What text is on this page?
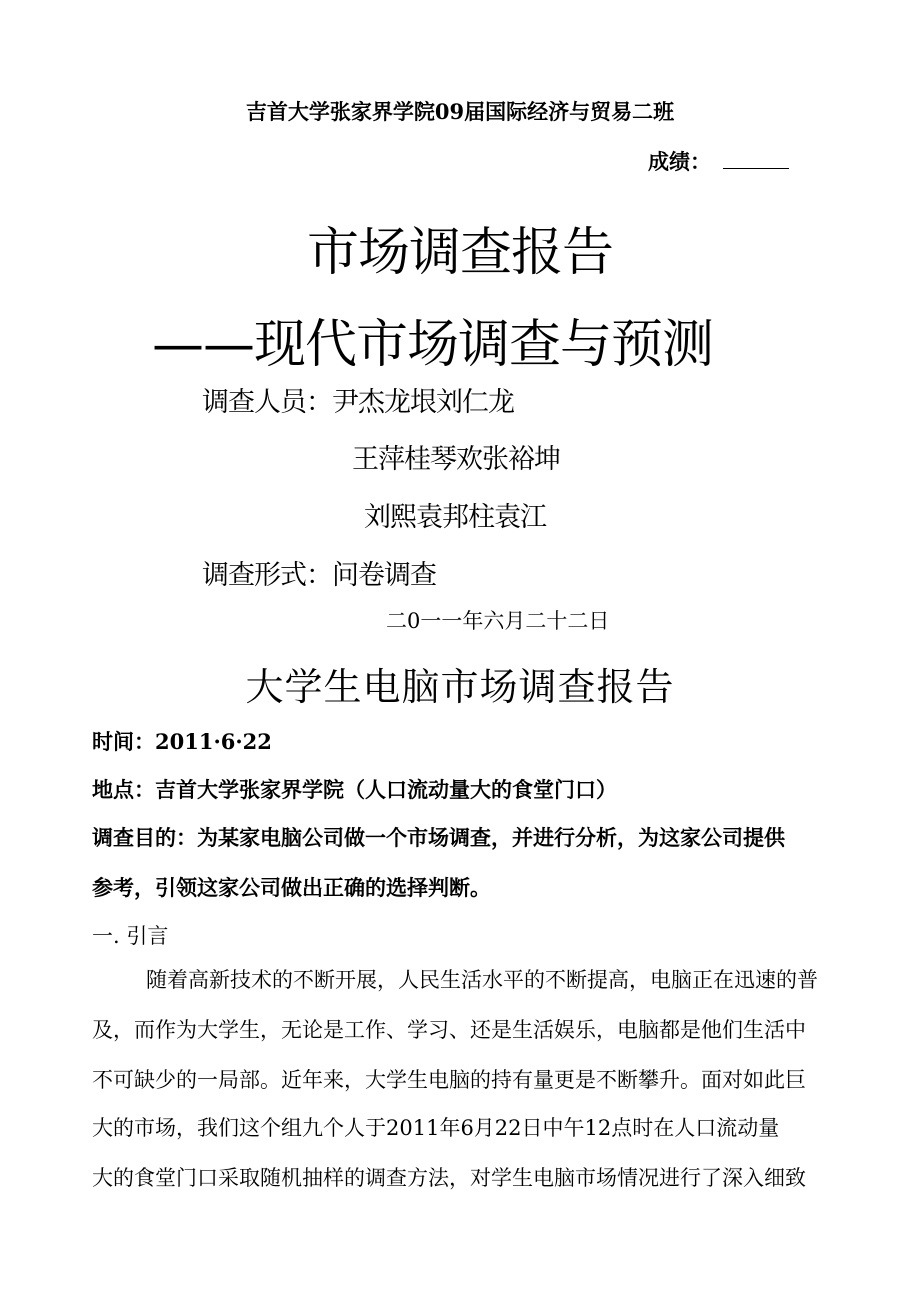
吉首大学张家界学院09届国际经济与贸易二班
成绩：
市场调查报告
——现代市场调查与预测
调查人员：尹杰龙垠刘仁龙
王萍桂琴欢张裕坤
刘熙袁邦柱袁江
调查形式：问卷调查
二0一一年六月二十二日
大学生电脑市场调查报告
时间：2011·6·22
地点：吉首大学张家界学院（人口流动量大的食堂门口）
调查目的：为某家电脑公司做一个市场调查，并进行分析，为这家公司提供
参考，引领这家公司做出正确的选择判断。
一. 引言
随着高新技术的不断开展，人民生活水平的不断提高，电脑正在迅速的普
及，而作为大学生，无论是工作、学习、还是生活娱乐，电脑都是他们生活中
不可缺少的一局部。近年来，大学生电脑的持有量更是不断攀升。面对如此巨
大的市场，我们这个组九个人于2011年6月22日中午12点时在人口流动量
大的食堂门口采取随机抽样的调查方法，对学生电脑市场情况进行了深入细致
